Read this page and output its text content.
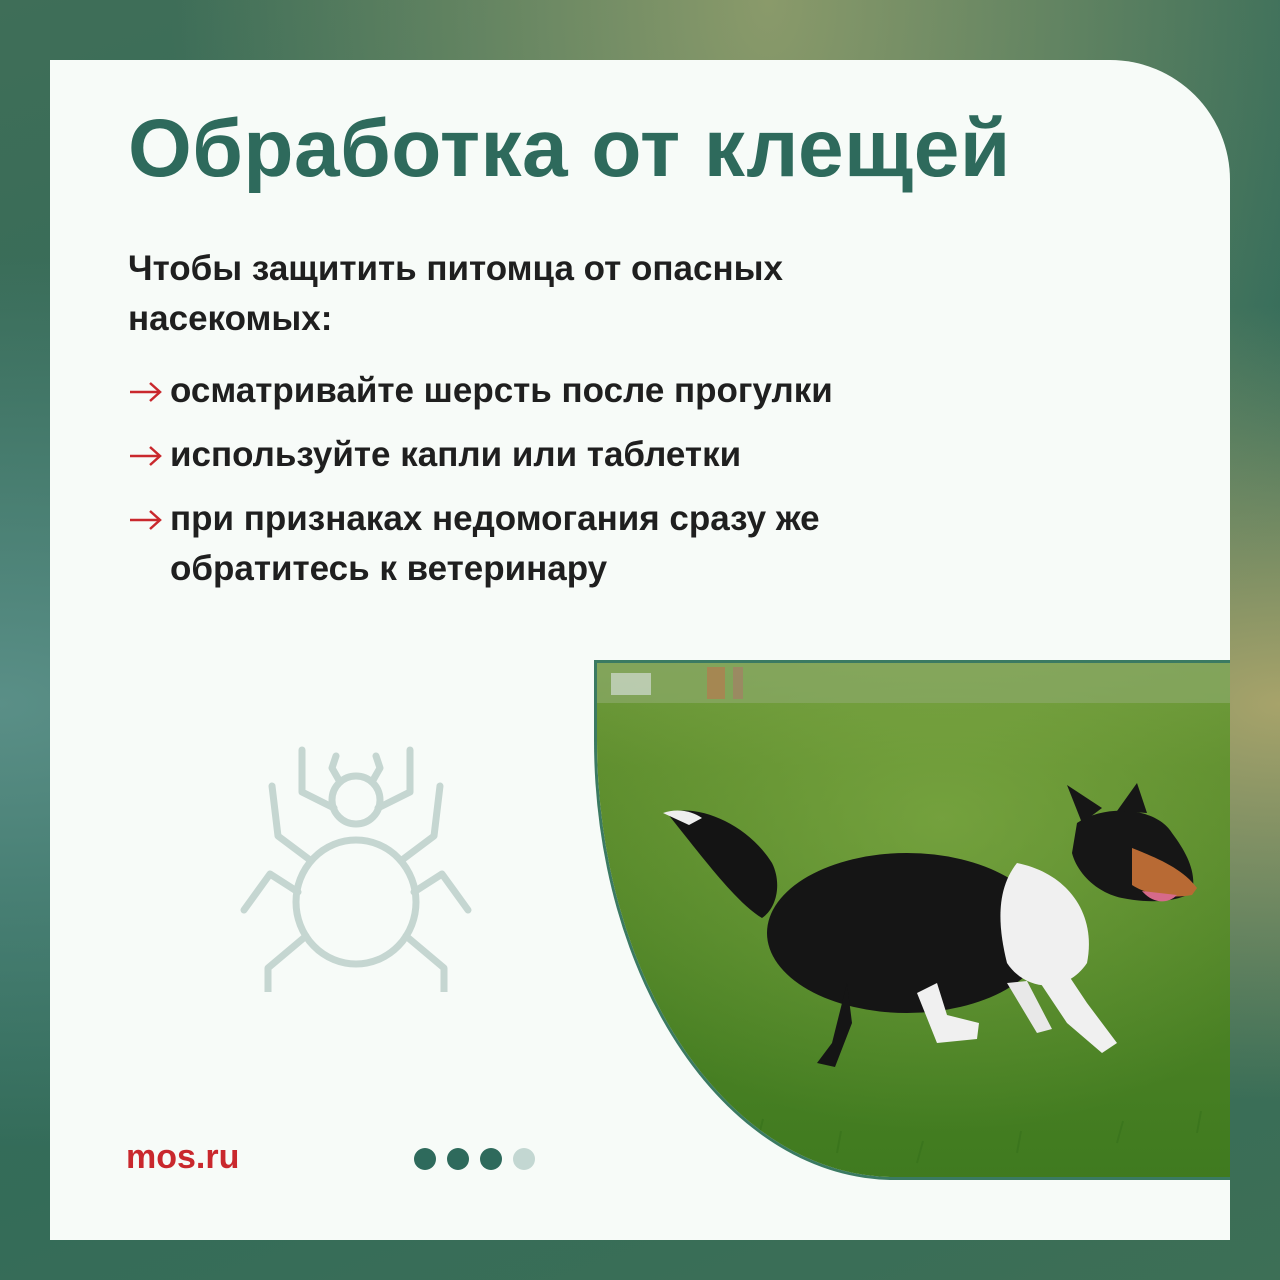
Обработка от клещей

Чтобы защитить питомца от опасных насекомых:

осматривайте шерсть после прогулки
используйте капли или таблетки
при признаках недомогания сразу же обратитесь к ветеринару
mos.ru
